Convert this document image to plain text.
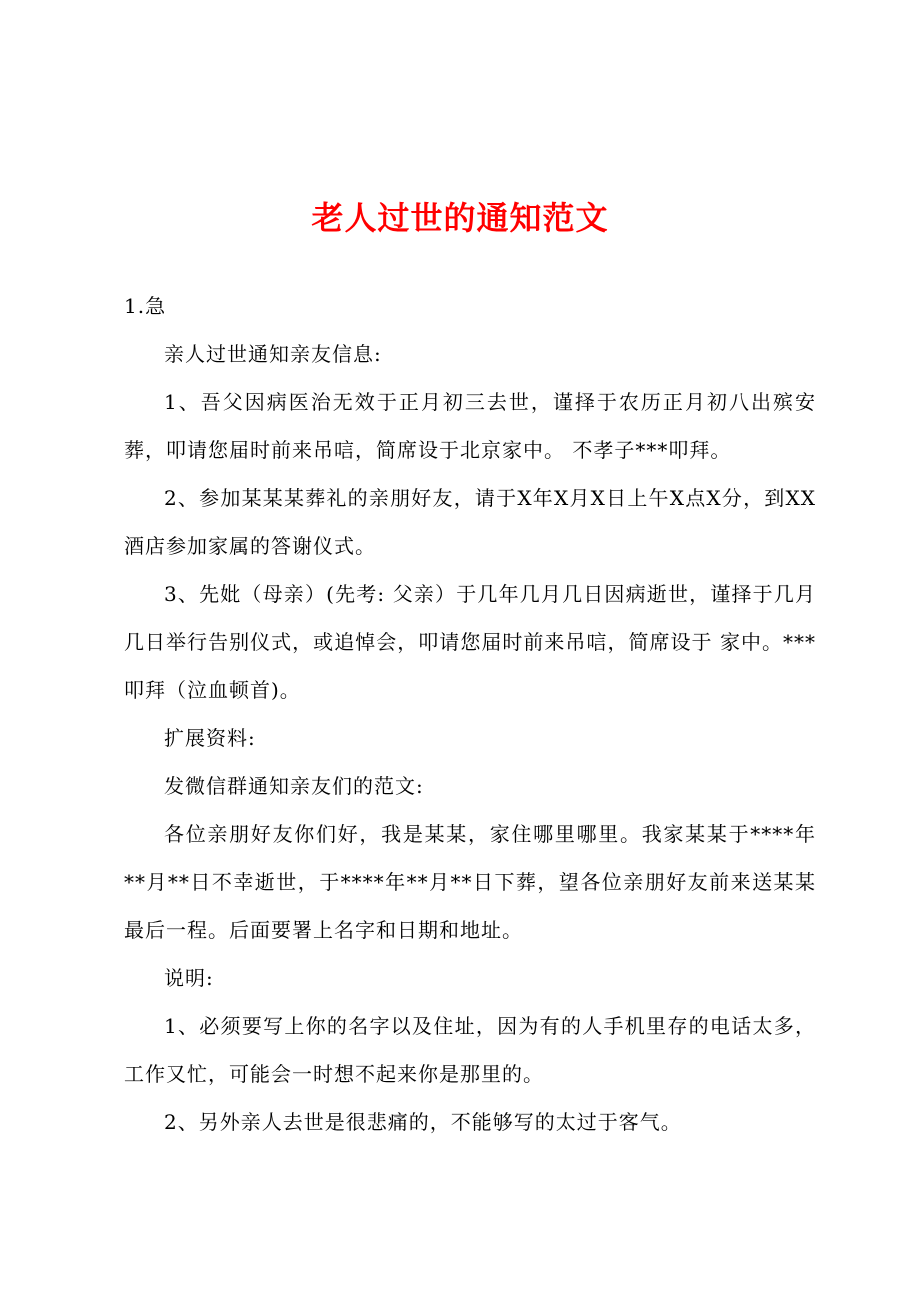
老人过世的通知范文

1.急

亲人过世通知亲友信息:

1、吾父因病医治无效于正月初三去世，谨择于农历正月初八出殡安葬，叩请您届时前来吊唁，简席设于北京家中。 不孝子***叩拜。

2、参加某某某葬礼的亲朋好友，请于X年X月X日上午X点X分，到XX酒店参加家属的答谢仪式。

3、先妣（母亲）(先考: 父亲）于几年几月几日因病逝世，谨择于几月几日举行告别仪式，或追悼会，叩请您届时前来吊唁，简席设于 家中。***叩拜（泣血顿首)。

扩展资料:

发微信群通知亲友们的范文:

各位亲朋好友你们好，我是某某，家住哪里哪里。我家某某于****年**月**日不幸逝世，于****年**月**日下葬，望各位亲朋好友前来送某某最后一程。后面要署上名字和日期和地址。

说明:

1、必须要写上你的名字以及住址，因为有的人手机里存的电话太多，工作又忙，可能会一时想不起来你是那里的。

2、另外亲人去世是很悲痛的，不能够写的太过于客气。
